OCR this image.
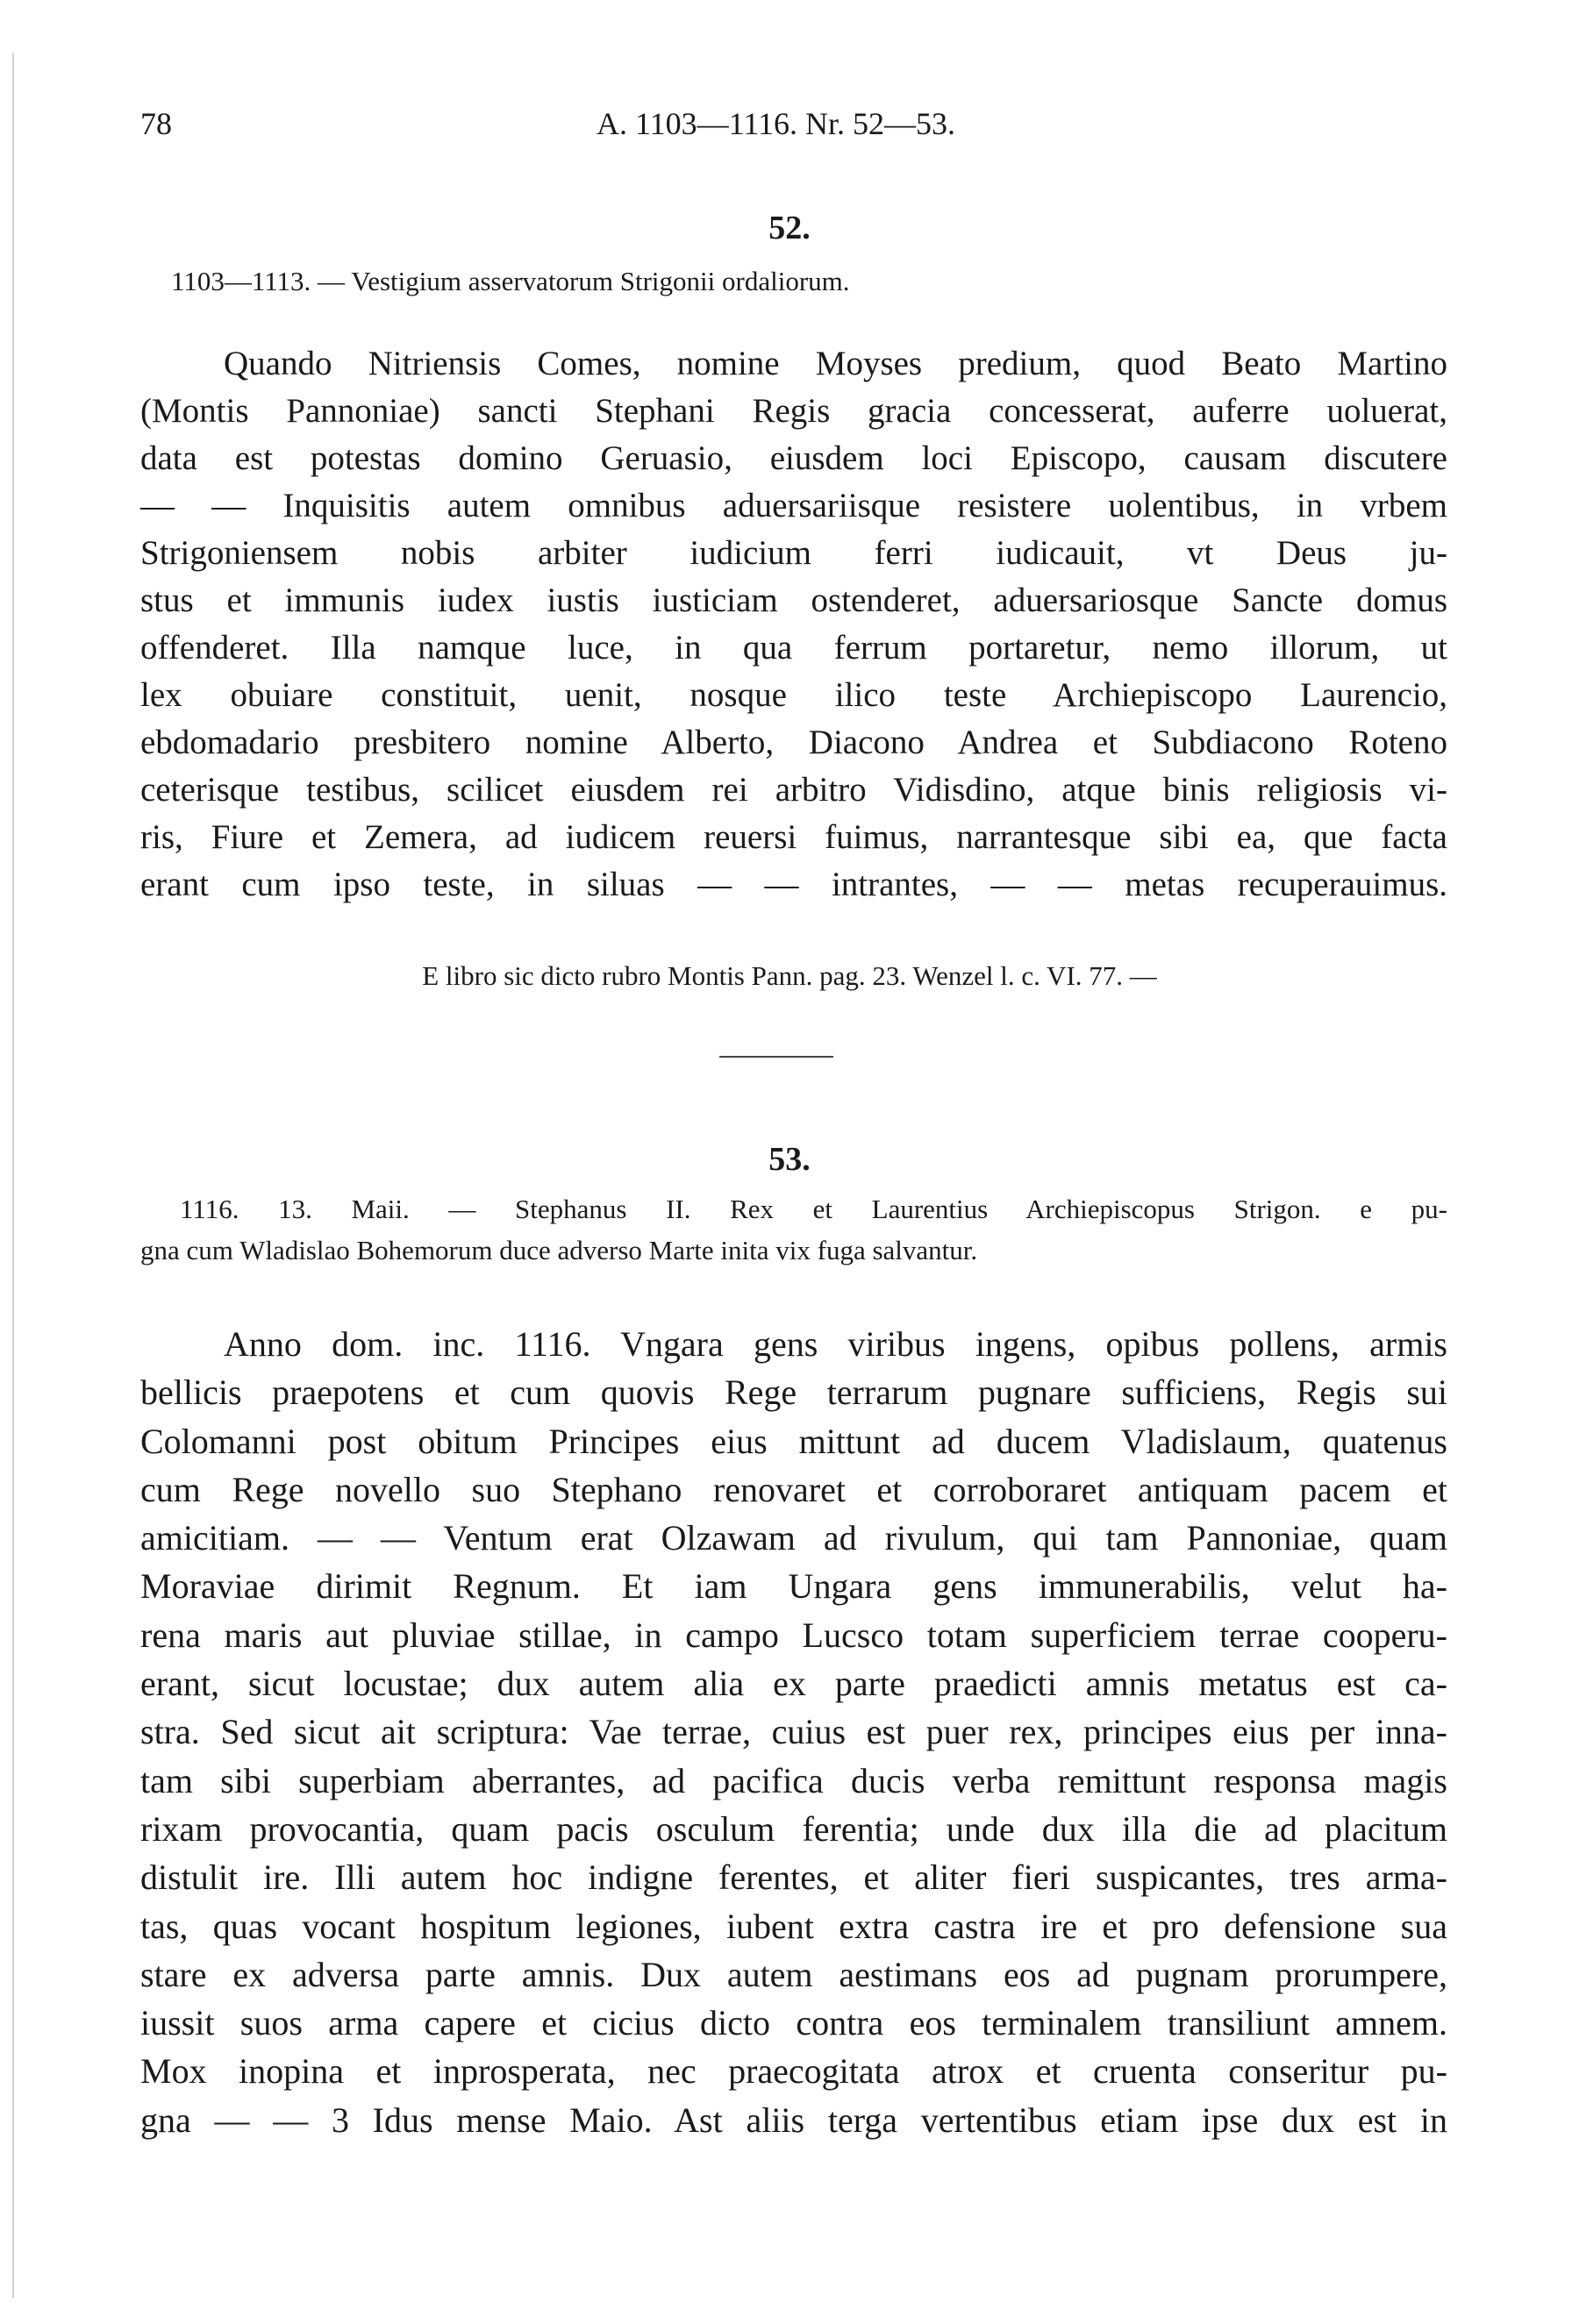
78	A. 1103—1116. Nr. 52—53.
52.
1103—1113. — Vestigium asservatorum Strigonii ordaliorum.
Quando Nitriensis Comes, nomine Moyses predium, quod Beato Martino
(Montis Pannoniae) sancti Stephani Regis gracia concesserat, auferre uoluerat,
data est potestas domino Geruasio, eiusdem loci Episcopo, causam discutere
— — Inquisitis autem omnibus aduersariisque resistere uolentibus, in vrbem
Strigoniensem nobis arbiter iudicium ferri iudicauit, vt Deus ju-
stus et immunis iudex iustis iusticiam ostenderet, aduersariosque Sancte domus
offenderet. Illa namque luce, in qua ferrum portaretur, nemo illorum, ut
lex obuiare constituit, uenit, nosque ilico teste Archiepiscopo Laurencio,
ebdomadario presbitero nomine Alberto, Diacono Andrea et Subdiacono Roteno
ceterisque testibus, scilicet eiusdem rei arbitro Vidisdino, atque binis religiosis vi-
ris, Fiure et Zemera, ad iudicem reuersi fuimus, narrantesque sibi ea, que facta
erant cum ipso teste, in siluas — — intrantes, — — metas recuperauimus.
E libro sic dicto rubro Montis Pann. pag. 23. Wenzel l. c. VI. 77. —
53.
1116. 13. Maii. — Stephanus II. Rex et Laurentius Archiepiscopus Strigon. e pu-
gna cum Wladislao Bohemorum duce adverso Marte inita vix fuga salvantur.
Anno dom. inc. 1116. Vngara gens viribus ingens, opibus pollens, armis
bellicis praepotens et cum quovis Rege terrarum pugnare sufficiens, Regis sui
Colomanni post obitum Principes eius mittunt ad ducem Vladislaum, quatenus
cum Rege novello suo Stephano renovaret et corroboraret antiquam pacem et
amicitiam. — — Ventum erat Olzawam ad rivulum, qui tam Pannoniae, quam
Moraviae dirimit Regnum. Et iam Ungara gens immunerabilis, velut ha-
rena maris aut pluviae stillae, in campo Lucsco totam superficiem terrae cooperu-
erant, sicut locustae; dux autem alia ex parte praedicti amnis metatus est ca-
stra. Sed sicut ait scriptura: Vae terrae, cuius est puer rex, principes eius per inna-
tam sibi superbiam aberrantes, ad pacifica ducis verba remittunt responsa magis
rixam provocantia, quam pacis osculum ferentia; unde dux illa die ad placitum
distulit ire. Illi autem hoc indigne ferentes, et aliter fieri suspicantes, tres arma-
tas, quas vocant hospitum legiones, iubent extra castra ire et pro defensione sua
stare ex adversa parte amnis. Dux autem aestimans eos ad pugnam prorumpere,
iussit suos arma capere et cicius dicto contra eos terminalem transiliunt amnem.
Mox inopina et inprosperata, nec praecogitata atrox et cruenta conseritur pu-
gna — — 3 Idus mense Maio. Ast aliis terga vertentibus etiam ipse dux est in
